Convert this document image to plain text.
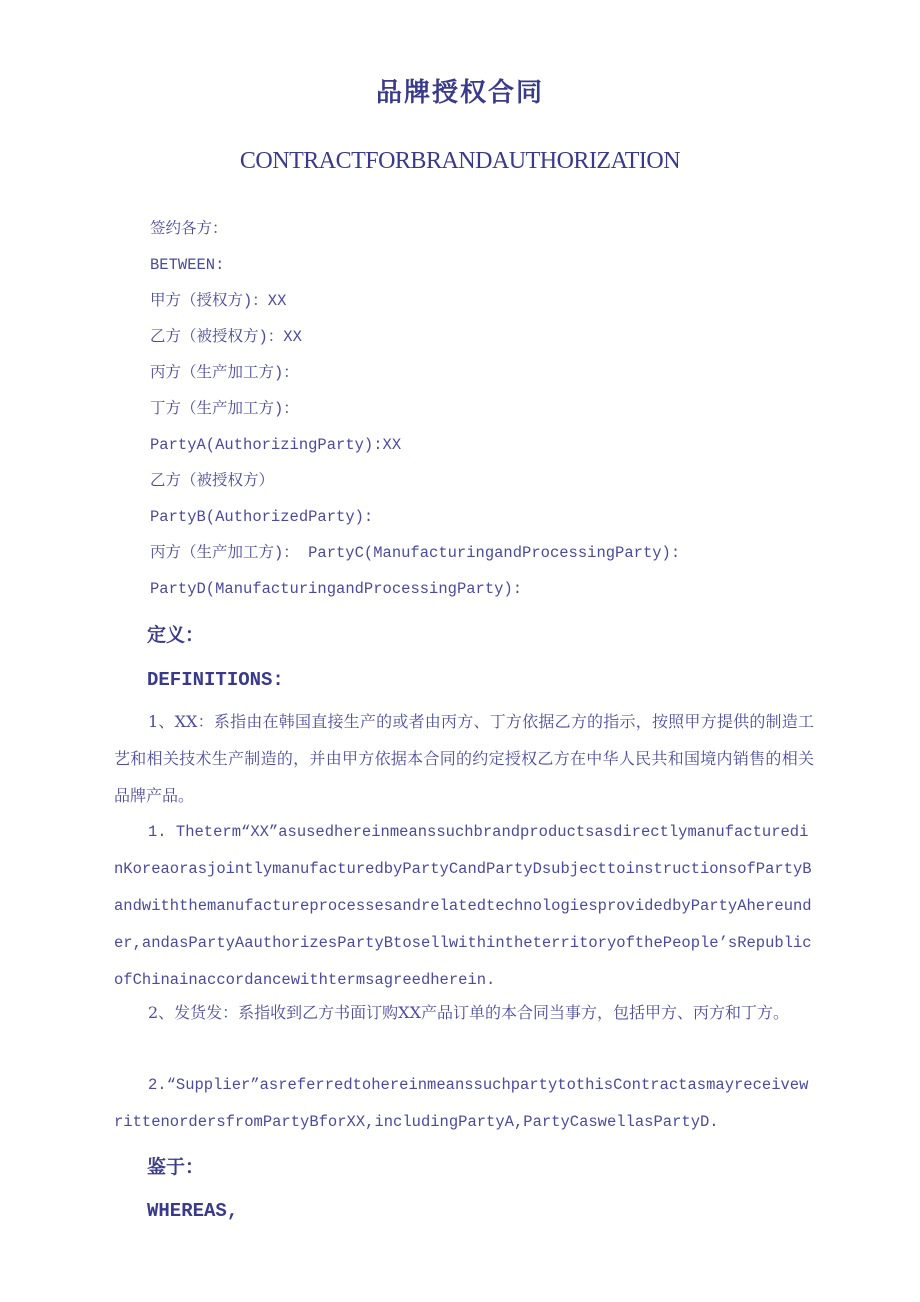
品牌授权合同
CONTRACTFORBRANDAUTHORIZATION
签约各方：
BETWEEN:
甲方（授权方)：XX
乙方（被授权方)：XX
丙方（生产加工方)：
丁方（生产加工方)：
PartyA(AuthorizingParty):XX
乙方（被授权方）
PartyB(AuthorizedParty):
丙方（生产加工方)： PartyC(ManufacturingandProcessingParty):
PartyD(ManufacturingandProcessingParty):
定义：
DEFINITIONS:
1、XX：系指由在韩国直接生产的或者由丙方、丁方依据乙方的指示，按照甲方提供的制造工艺和相关技术生产制造的，并由甲方依据本合同的约定授权乙方在中华人民共和国境内销售的相关品牌产品。
1. Theterm“XX”asusedhereinmeanssuchbrandproductsasdirectlymanufacturedinKoreaorasjointlymanufacturedbyPartyCandPartyDsubjecttoinstructionsofPartyBandwiththemanufactureprocessesandrelatedtechnologiesprovidedbyPartyAhereunder,andasPartyAauthorizesPartyBtosellwithintheterritoryofthePeople’sRepublicofChinainaccordancewithtermsagreedherein.
2、发货发：系指收到乙方书面订购XX产品订单的本合同当事方，包括甲方、丙方和丁方。
2.“Supplier”asreferredtohereinmeanssuchpartytothisContractasmayreceivewrittenordersfromPartyBforXX,includingPartyA,PartyCaswellasPartyD.
鉴于：
WHEREAS,
